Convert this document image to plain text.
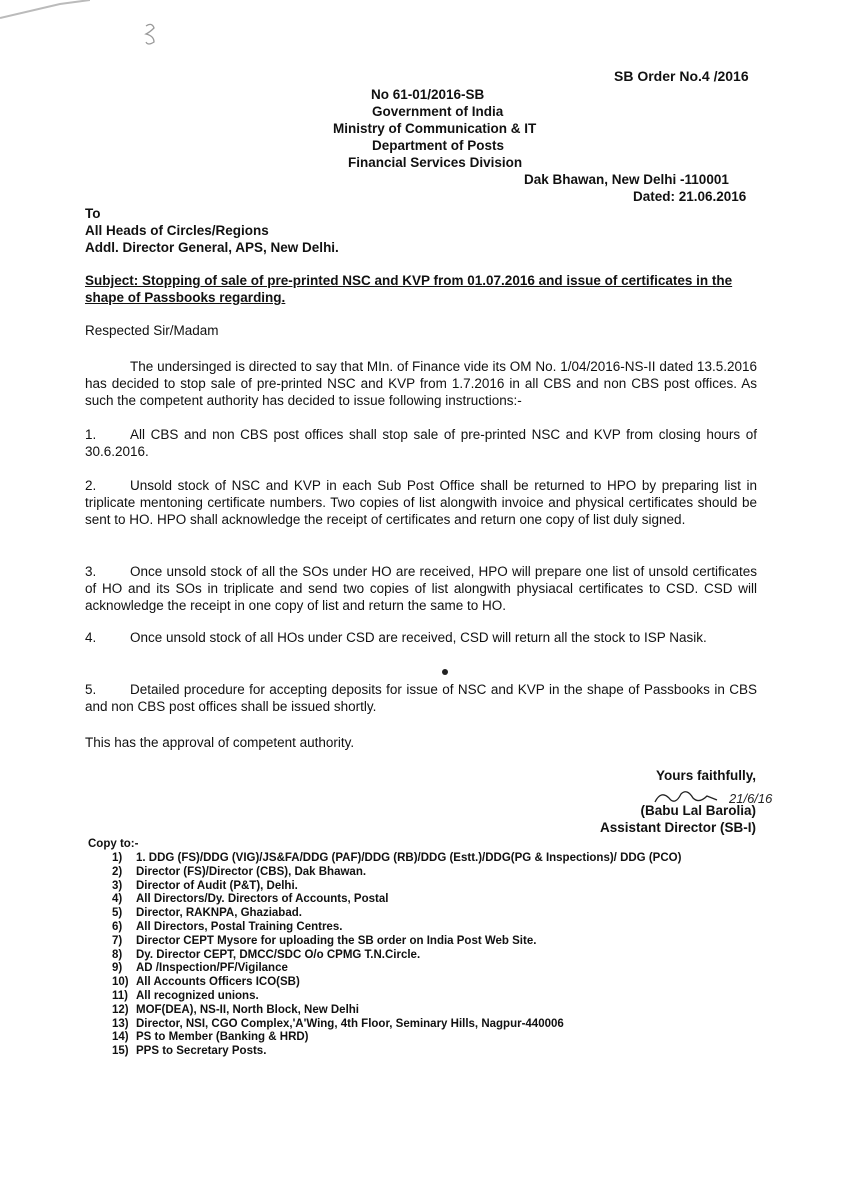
SB Order No.4 /2016
No 61-01/2016-SB
Government of India
Ministry of Communication & IT
Department of Posts
Financial Services Division
Dak Bhawan, New Delhi -110001
Dated: 21.06.2016
To
All Heads of Circles/Regions
Addl. Director General, APS, New Delhi.
Subject: Stopping of sale of pre-printed NSC and KVP from 01.07.2016 and issue of certificates in the shape of Passbooks regarding.
Respected Sir/Madam
The undersinged is directed to say that MIn. of Finance vide its OM No. 1/04/2016-NS-II dated 13.5.2016 has decided to stop sale of pre-printed NSC and KVP from 1.7.2016 in all CBS and non CBS post offices. As such the competent authority has decided to issue following instructions:-
1. All CBS and non CBS post offices shall stop sale of pre-printed NSC and KVP from closing hours of 30.6.2016.
2. Unsold stock of NSC and KVP in each Sub Post Office shall be returned to HPO by preparing list in triplicate mentoning certificate numbers. Two copies of list alongwith invoice and physical certificates should be sent to HO. HPO shall acknowledge the receipt of certificates and return one copy of list duly signed.
3. Once unsold stock of all the SOs under HO are received, HPO will prepare one list of unsold certificates of HO and its SOs in triplicate and send two copies of list alongwith physiacal certificates to CSD. CSD will acknowledge the receipt in one copy of list and return the same to HO.
4. Once unsold stock of all HOs under CSD are received, CSD will return all the stock to ISP Nasik.
5. Detailed procedure for accepting deposits for issue of NSC and KVP in the shape of Passbooks in CBS and non CBS post offices shall be issued shortly.
This has the approval of competent authority.
Yours faithfully,
21/6/16
(Babu Lal Barolia)
Assistant Director (SB-I)
Copy to:-
1)	1. DDG (FS)/DDG (VIG)/JS&FA/DDG (PAF)/DDG (RB)/DDG (Estt.)/DDG(PG & Inspections)/ DDG (PCO)
2)	Director (FS)/Director (CBS), Dak Bhawan.
3)	Director of Audit (P&T), Delhi.
4)	All Directors/Dy. Directors of Accounts, Postal
5)	Director, RAKNPA, Ghaziabad.
6)	All Directors, Postal Training Centres.
7)	Director CEPT Mysore for uploading the SB order on India Post Web Site.
8)	Dy. Director CEPT, DMCC/SDC O/o CPMG T.N.Circle.
9)	AD /Inspection/PF/Vigilance
10) All Accounts Officers ICO(SB)
11) All recognized unions.
12) MOF(DEA), NS-II, North Block, New Delhi
13) Director, NSI, CGO Complex,'A'Wing, 4th Floor, Seminary Hills, Nagpur-440006
14) PS to Member (Banking & HRD)
15) PPS to Secretary Posts.
